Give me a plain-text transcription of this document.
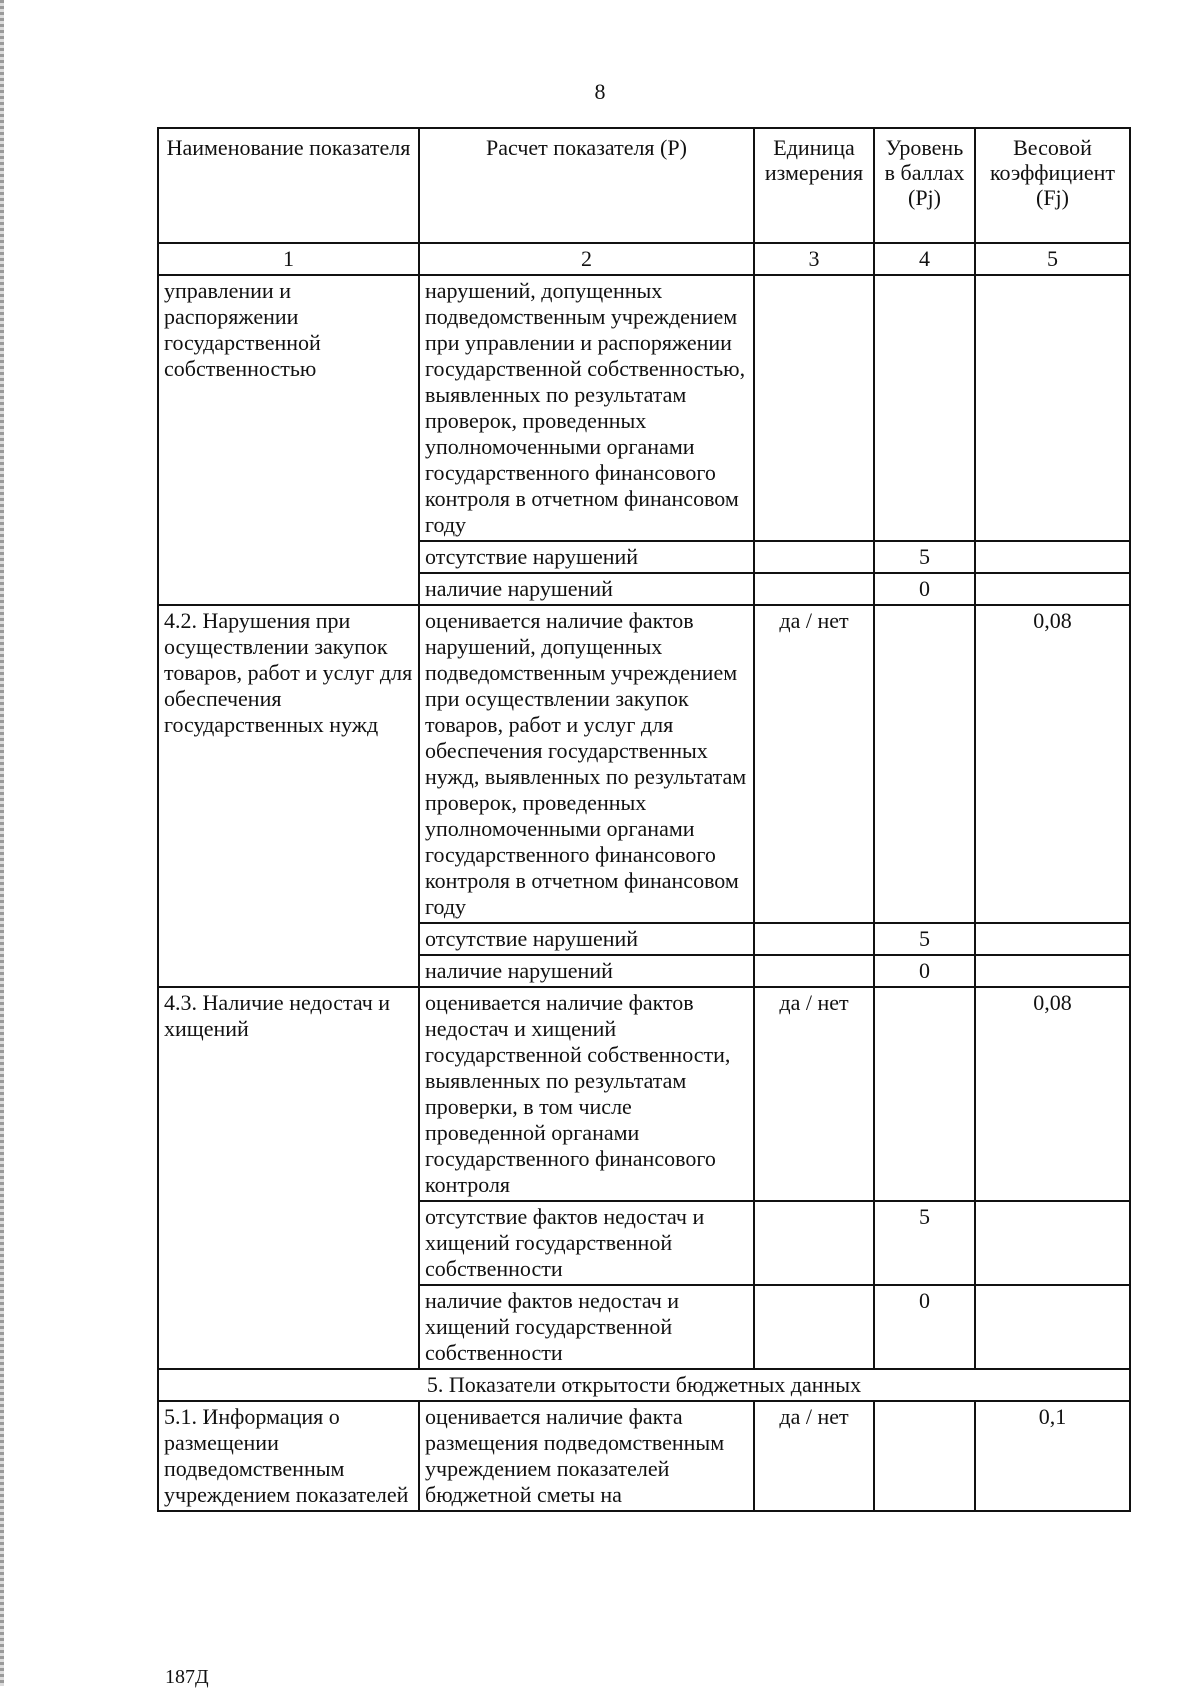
8
Наименование показателя	Расчет показателя (Р)	Единица измерения	Уровень в баллах (Pj)	Весовой коэффициент (Fj)
1	2	3	4	5
управлении и распоряжении государственной собственностью	нарушений, допущенных подведомственным учреждением при управлении и распоряжении государственной собственностью, выявленных по результатам проверок, проведенных уполномоченными органами государственного финансового контроля в отчетном финансовом году			
	отсутствие нарушений		5	
	наличие нарушений		0	
4.2. Нарушения при осуществлении закупок товаров, работ и услуг для обеспечения государственных нужд	оценивается наличие фактов нарушений, допущенных подведомственным учреждением при осуществлении закупок товаров, работ и услуг для обеспечения государственных нужд, выявленных по результатам проверок, проведенных уполномоченными органами государственного финансового контроля в отчетном финансовом году	да / нет		0,08
	отсутствие нарушений		5	
	наличие нарушений		0	
4.3. Наличие недостач и хищений	оценивается наличие фактов недостач и хищений государственной собственности, выявленных по результатам проверки, в том числе проведенной органами государственного финансового контроля	да / нет		0,08
	отсутствие фактов недостач и хищений государственной собственности		5	
	наличие фактов недостач и хищений государственной собственности		0	
5. Показатели открытости бюджетных данных				
5.1. Информация о размещении подведомственным учреждением показателей	оценивается наличие факта размещения подведомственным учреждением показателей бюджетной сметы на	да / нет		0,1
187Д
